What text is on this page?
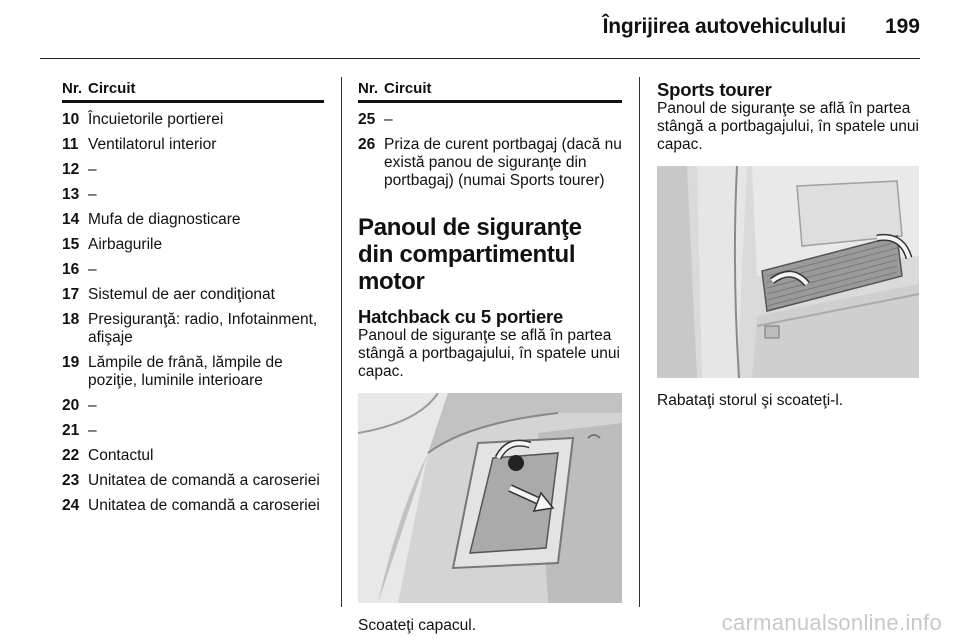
Îngrijirea autovehiculului 199
Nr. Circuit
10 Încuietorile portierei
11 Ventilatorul interior
12 –
13 –
14 Mufa de diagnosticare
15 Airbagurile
16 –
17 Sistemul de aer condiţionat
18 Presiguranţă: radio, Infotainment, afişaje
19 Lămpile de frână, lămpile de poziţie, luminile interioare
20 –
21 –
22 Contactul
23 Unitatea de comandă a caroseriei
24 Unitatea de comandă a caroseriei
Nr. Circuit
25 –
26 Priza de curent portbagaj (dacă nu există panou de siguranţe din portbagaj) (numai Sports tourer)
Panoul de siguranţe din compartimentul motor
Hatchback cu 5 portiere

Panoul de siguranţe se află în partea stângă a portbagajului, în spatele unui capac.

Scoateţi capacul.
Sports tourer

Panoul de siguranţe se află în partea stângă a portbagajului, în spatele unui capac.

Rabataţi storul şi scoateţi-l.
carmanualsonline.info
